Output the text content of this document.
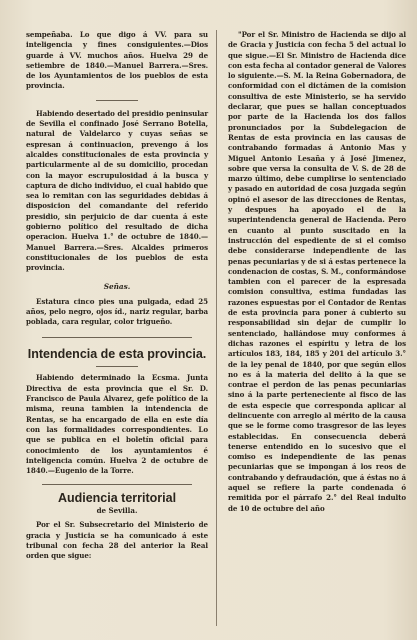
sempeñaba. Lo que digo á VV. para su inteligencia y fines consiguientes.—Dios guarde á VV. muchos años. Huelva 29 de setiembre de 1840.—Manuel Barrera.—Sres. de los Ayuntamientos de los pueblos de esta provincia.

Habiendo desertado del presidio peninsular de Sevilla el confinado José Serrano Botella, natural de Valdelarco y cuyas señas se espresan á continuacion, prevengo á los alcaldes constitucionales de esta provincia y particularmente al de su domicilio, procedan con la mayor escrupulosidad á la busca y captura de dicho individuo, el cual habido que sea lo remitan con las seguridades debidas á disposicion del comandante del referido presidio, sin perjuicio de dar cuenta á este gobierno político del resultado de dicha operacion. Huelva 1.° de octubre de 1840.—Manuel Barrera.—Sres. Alcaldes primeros constitucionales de los pueblos de esta provincia.

Señas.

Estatura cinco pies una pulgada, edad 25 años, pelo negro, ojos íd., nariz regular, barba poblada, cara regular, color trigueño.

Intendencia de esta provincia.

Habiendo determinado la Ecsma. Junta Directiva de esta provincia que el Sr. D. Francisco de Paula Alvarez, gefe político de la misma, reuna tambien la intendencia de Rentas, se ha encargado de ella en este día con las formalidades correspondientes. Lo que se publica en el boletín oficial para conocimiento de los ayuntamientos é inteligencia común. Huelva 2 de octubre de 1840.—Eugenio de la Torre.

Audiencia territorial
de Sevilla.

Por el Sr. Subsecretario del Ministerio de gracia y Justicia se ha comunicado á este tribunal con fecha 28 del anterior la Real orden que sigue:

"Por el Sr. Ministro de Hacienda se dijo al de Gracia y Justicia con fecha 5 del actual lo que sigue.—El Sr. Ministro de Hacienda dice con esta fecha al contador general de Valores lo siguiente.—S. M. la Reina Gobernadora, de conformidad con el dictámen de la comision consultiva de este Ministerio, se ha servido declarar, que pues se hallan conceptuados por parte de la Hacienda los dos fallos pronunciados por la Subdelegacion de Rentas de esta provincia en las causas de contrabando formadas á Antonio Mas y Miguel Antonio Lesaña y á José Jimenez, sobre que versa la consulta de V. S. de 28 de marzo último, debe cumplirse lo sentenciado y pasado en autoridad de cosa juzgada según opinó el asesor de las direcciones de Rentas, y despues ha apoyado el de la superintendencia general de Hacienda. Pero en cuanto al punto suscitado en la instrucción del espediente de si el comiso debe considerarse independiente de las penas pecuniarias y de si á estas pertenece la condenacion de costas, S. M., conformándose tambien con el parecer de la espresada comision consultiva, estima fundadas las razones espuestas por el Contador de Rentas de esta provincia para poner á cubierto su responsabilidad sin dejar de cumplir lo sentenciado, hallándose muy conformes á dichas razones el espíritu y letra de los artículos 183, 184, 185 y 201 del artículo 3.° de la ley penal de 1840, por que según ellos no es á la materia del delito á la que se contrae el perdon de las penas pecuniarias sino á la parte perteneciente al fisco de las de esta especie que corresponda aplicar al delincuente con arreglo al mérito de la causa que se le forme como trasgresor de las leyes establecidas. En consecuencia deberá tenerse entendido en lo sucesivo que el comiso es independiente de las penas pecuniarias que se impongan á los reos de contrabando y defraudación, que á éstas no á aquel se refiere la parte condenada ó remitida por el párrafo 2.° del Real indulto de 10 de octubre del año
